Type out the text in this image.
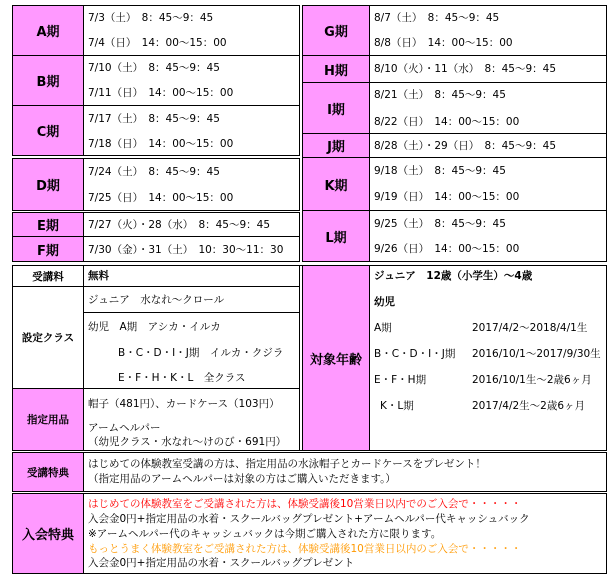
A期
7/3（土）　8：45～9：45
7/4（日）　14：00～15：00
B期
7/10（土）　8：45～9：45
7/11（日）　14：00～15：00
C期
7/17（土）　8：45～9：45
7/18（日）　14：00～15：00
D期
7/24（土）　8：45～9：45
7/25（日）　14：00～15：00
E期	7/27（火）・28（水）　8：45～9：45
F期	7/30（金）・31（土）　10：30～11：30
G期
8/7（土）　8：45～9：45
8/8（日）　14：00～15：00
H期 8/10（火）・11（水）　8：45～9：45
I期
8/21（土）　8：45～9：45
8/22（日）　14：00～15：00
J期	8/28（土）・29（日）　8：45～9：45
K期
9/18（土）　8：45～9：45
9/19（日）　14：00～15：00
L期
9/25（土）　8：45～9：45
9/26（日）　14：00～15：00
受講料 無料
設定クラス
ジュニア　水なれ～クロール
幼児　A期　アシカ・イルカ
B・C・D・I・J期　イルカ・クジラ
E・F・H・K・L　全クラス
指定用品
帽子（481円）、カードケース（103円）
アームヘルパー
（幼児クラス・水なれ～けのび・691円）
対象年齢
ジュニア　12歳（小学生）～4歳
幼児
A期	2017/4/2～2018/4/1生
B・C・D・I・J期 2016/10/1～2017/9/30生
E・F・H期	2016/10/1生～2歳6ヶ月
K・L期	2017/4/2生～2歳6ヶ月
受講特典
はじめての体験教室受講の方は、指定用品の水泳帽子とカードケースをプレゼント！
（指定用品のアームヘルパーは対象の方はご購入いただきます。）
入会特典
はじめての体験教室をご受講された方は、体験受講後10営業日以内でのご入会で・・・・・
入会金0円+指定用品の水着・スクールバッグプレゼント+アームヘルパー代キャッシュバック
※アームヘルパー代のキャッシュバックは今期ご購入された方に限ります。
もっとうまく体験教室をご受講された方は、体験受講後10営業日以内のご入会で・・・・・
入会金0円+指定用品の水着・スクールバッグプレゼント
